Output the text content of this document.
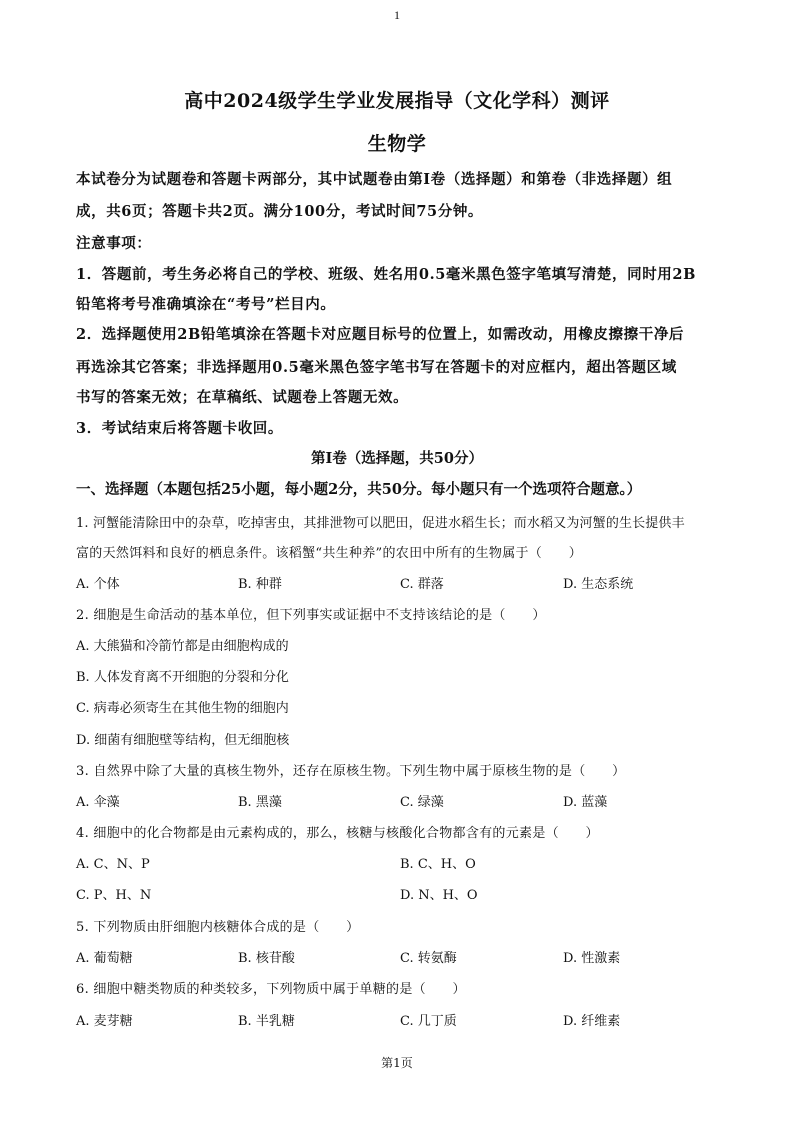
1
高中2024级学生学业发展指导（文化学科）测评
生物学
本试卷分为试题卷和答题卡两部分，其中试题卷由第I卷（选择题）和第卷（非选择题）组
成，共6页；答题卡共2页。满分100分，考试时间75分钟。
注意事项：
1．答题前，考生务必将自己的学校、班级、姓名用0.5毫米黑色签字笔填写清楚，同时用2B
铅笔将考号准确填涂在“考号”栏目内。
2．选择题使用2B铅笔填涂在答题卡对应题目标号的位置上，如需改动，用橡皮擦擦干净后
再选涂其它答案；非选择题用0.5毫米黑色签字笔书写在答题卡的对应框内，超出答题区域
书写的答案无效；在草稿纸、试题卷上答题无效。
3．考试结束后将答题卡收回。
第I卷（选择题，共50分）
一、选择题（本题包括25小题，每小题2分，共50分。每小题只有一个选项符合题意。）
1. 河蟹能清除田中的杂草，吃掉害虫，其排泄物可以肥田，促进水稻生长；而水稻又为河蟹的生长提供丰
富的天然饵料和良好的栖息条件。该稻蟹“共生种养”的农田中所有的生物属于（　　）
A. 个体	B. 种群	C. 群落	D. 生态系统
2. 细胞是生命活动的基本单位，但下列事实或证据中不支持该结论的是（　　）
A. 大熊猫和冷箭竹都是由细胞构成的
B. 人体发育离不开细胞的分裂和分化
C. 病毒必须寄生在其他生物的细胞内
D. 细菌有细胞壁等结构，但无细胞核
3. 自然界中除了大量的真核生物外，还存在原核生物。下列生物中属于原核生物的是（　　）
A. 伞藻	B. 黑藻	C. 绿藻	D. 蓝藻
4. 细胞中的化合物都是由元素构成的，那么，核糖与核酸化合物都含有的元素是（　　）
A. C、N、P	B. C、H、O
C. P、H、N	D. N、H、O
5. 下列物质由肝细胞内核糖体合成的是（　　）
A. 葡萄糖	B. 核苷酸	C. 转氨酶	D. 性激素
6. 细胞中糖类物质的种类较多，下列物质中属于单糖的是（　　）
A. 麦芽糖	B. 半乳糖	C. 几丁质	D. 纤维素
第1页
